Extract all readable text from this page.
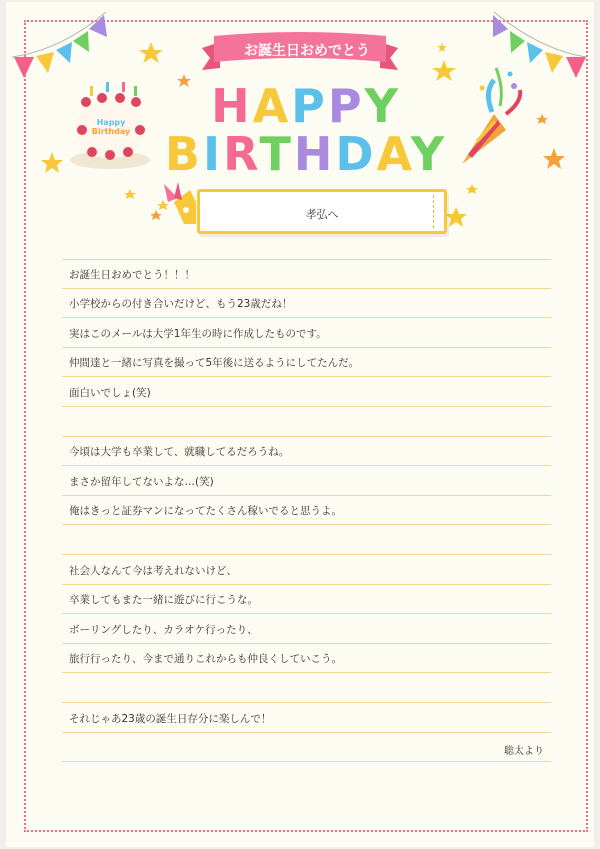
お誕生日おめでとう
Happy
Birthday	HAPPY
BIRTHDAY
孝弘へ
お誕生日おめでとう！！！
小学校からの付き合いだけど、もう23歳だね！
実はこのメールは大学1年生の時に作成したものです。
仲間達と一緒に写真を撮って5年後に送るようにしてたんだ。
面白いでしょ(笑)
今頃は大学も卒業して、就職してるだろうね。
まさか留年してないよな…(笑)
俺はきっと証券マンになってたくさん稼いでると思うよ。
社会人なんて今は考えれないけど、
卒業してもまた一緒に遊びに行こうな。
ボーリングしたり、カラオケ行ったり、
旅行行ったり、今まで通りこれからも仲良くしていこう。
それじゃあ23歳の誕生日存分に楽しんで！
聡太より
